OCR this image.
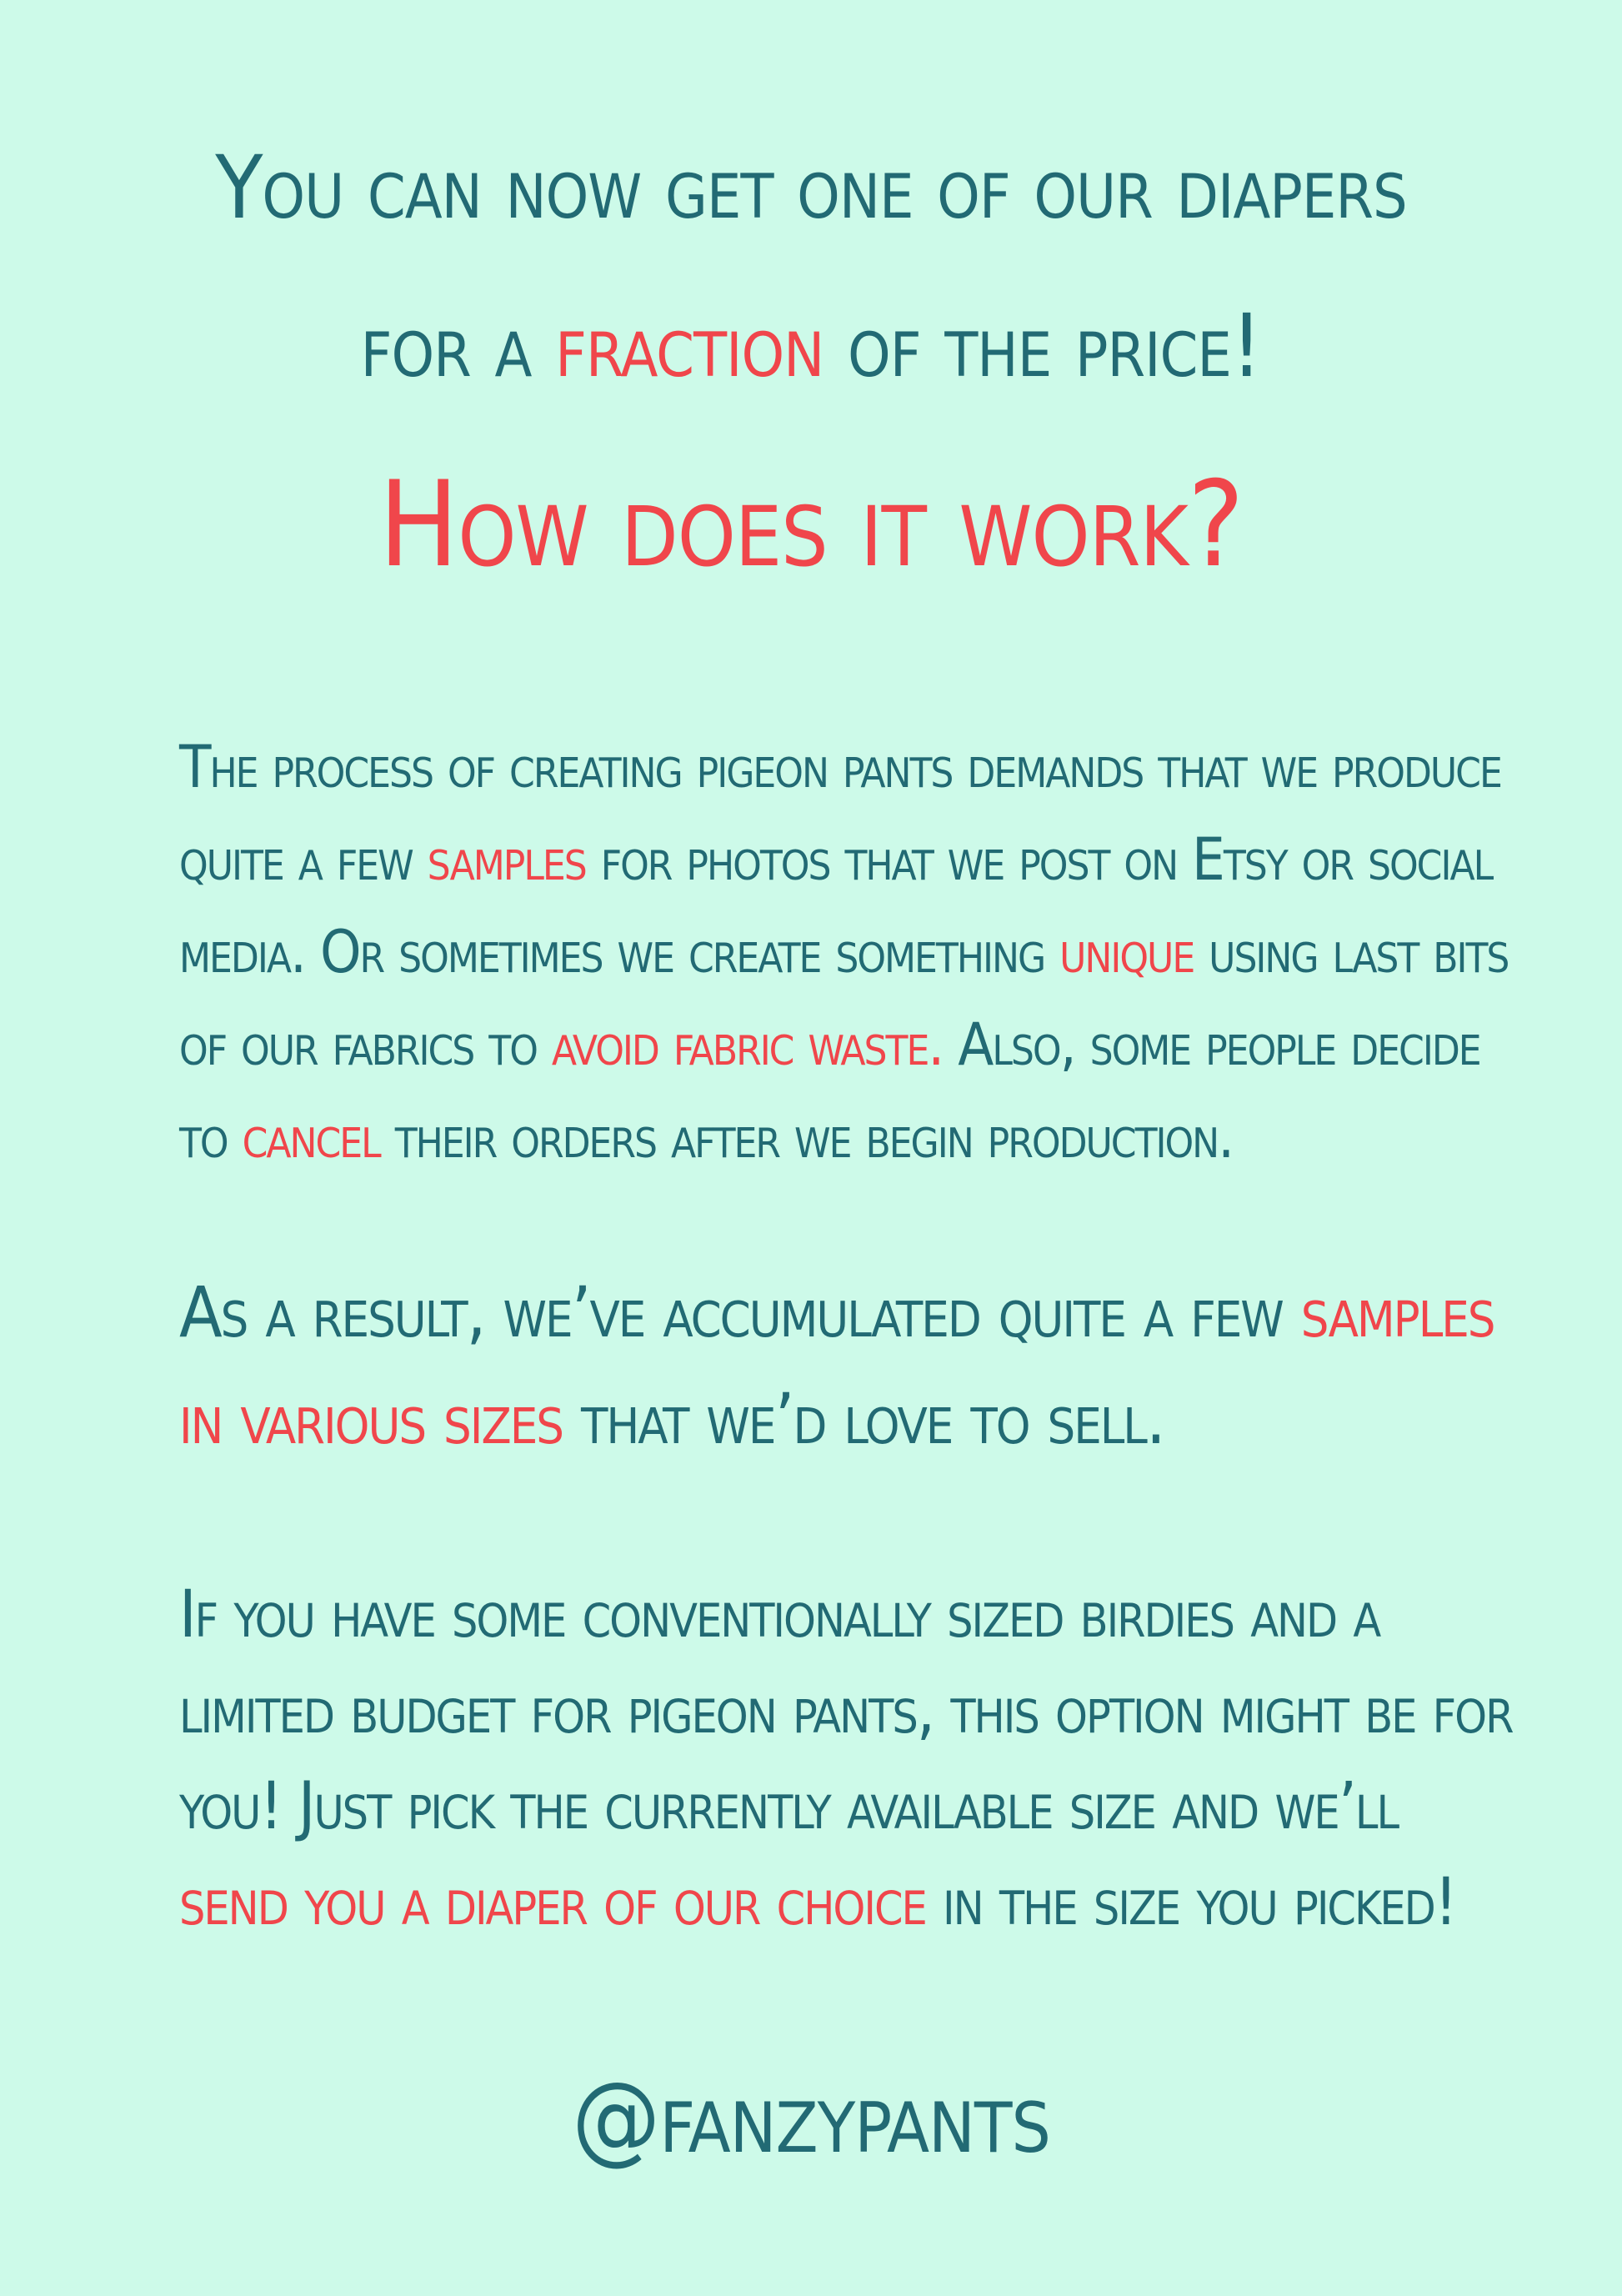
You can now get one of our diapers
for a fraction of the price!
How does it work?
The process of creating pigeon pants demands that we produce quite a few samples for photos that we post on Etsy or social media. Or sometimes we create something unique using last bits of our fabrics to avoid fabric waste. Also, some people decide to cancel their orders after we begin production.
As a result, we’ve accumulated quite a few samples in various sizes that we’d love to sell.
If you have some conventionally sized birdies and a limited budget for pigeon pants, this option might be for you! Just pick the currently available size and we’ll send you a diaper of our choice in the size you picked!
@fanzypants
